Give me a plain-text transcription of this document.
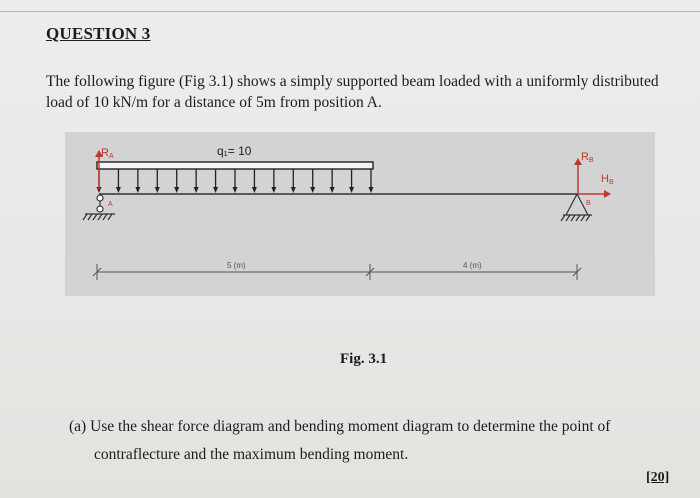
QUESTION 3
The following figure (Fig 3.1) shows a simply supported beam loaded with a uniformly distributed load of 10 kN/m for a distance of 5m from position A.
RA
A
q₁= 10	RB
HB
B
5 (m)	4 (m)
Fig. 3.1
(a) Use the shear force diagram and bending moment diagram to determine the point of
contraflecture and the maximum bending moment.
[20]
